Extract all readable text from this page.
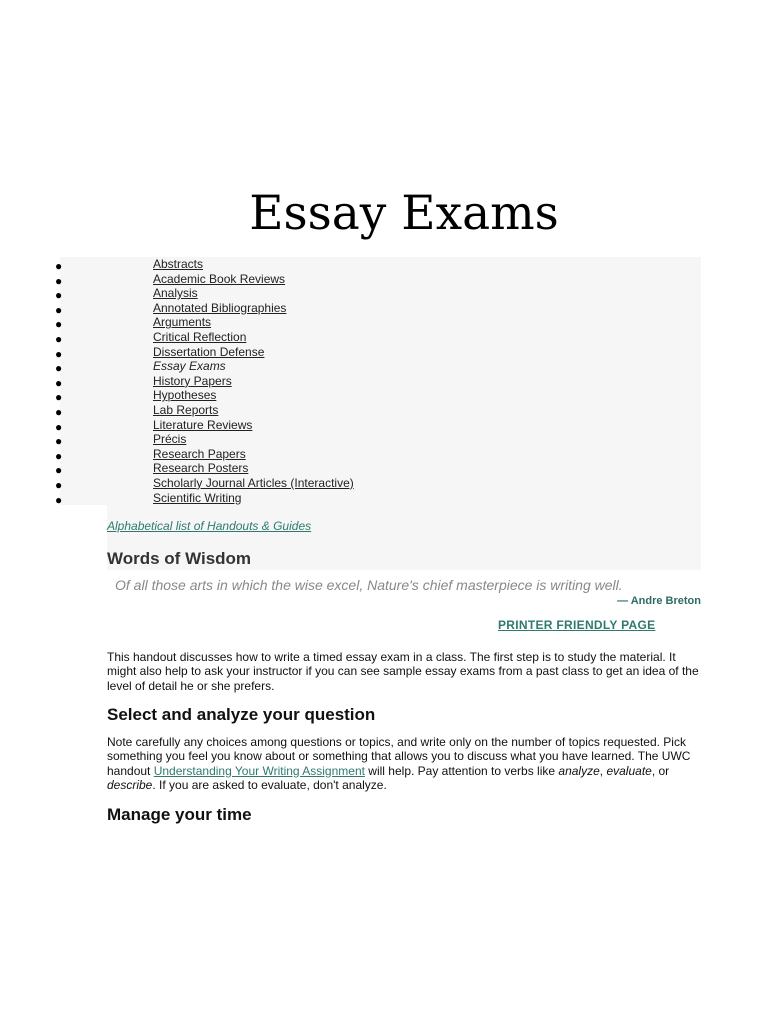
Essay Exams
●	Abstracts
●	Academic Book Reviews
●	Analysis
●	Annotated Bibliographies
●	Arguments
●	Critical Reflection
●	Dissertation Defense
●	Essay Exams
●	History Papers
●	Hypotheses
●	Lab Reports
●	Literature Reviews
●	Précis
●	Research Papers
●	Research Posters
●	Scholarly Journal Articles (Interactive)
●	Scientific Writing
Alphabetical list of Handouts & Guides
Words of Wisdom
Of all those arts in which the wise excel, Nature's chief masterpiece is writing well.
— Andre Breton
PRINTER FRIENDLY PAGE

This handout discusses how to write a timed essay exam in a class. The first step is to study the material. It might also help to ask your instructor if you can see sample essay exams from a past class to get an idea of the level of detail he or she prefers.

Select and analyze your question

Note carefully any choices among questions or topics, and write only on the number of topics requested. Pick something you feel you know about or something that allows you to discuss what you have learned. The UWC handout Understanding Your Writing Assignment will help. Pay attention to verbs like analyze, evaluate, or describe. If you are asked to evaluate, don't analyze.

Manage your time
